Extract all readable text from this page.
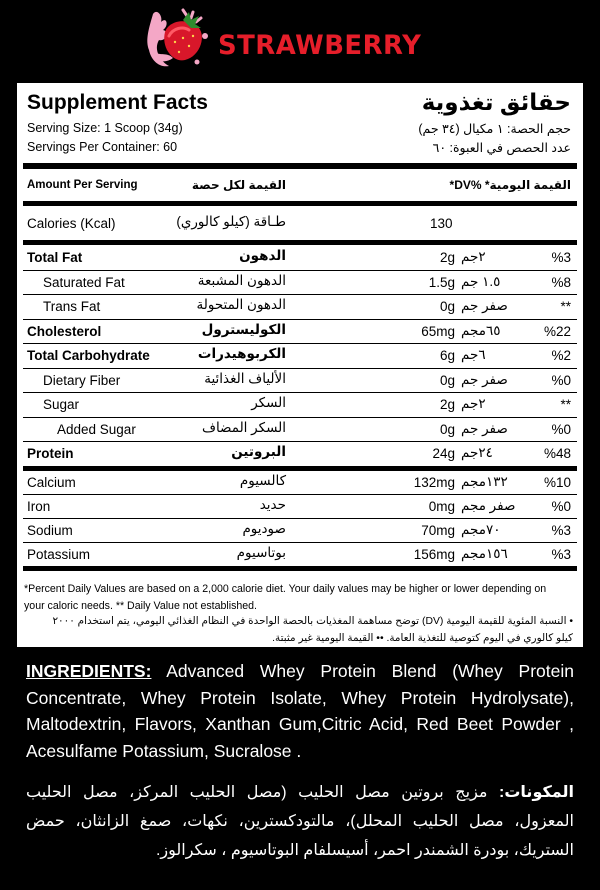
STRAWBERRY
Supplement Facts	حقائق تغذوية
Serving Size: 1 Scoop (34g)
Servings Per Container: 60
حجم الحصة: ١ مكيال (٣٤ جم)
عدد الحصص في العبوة: ٦٠
Amount Per Serving	القيمة لكل حصة	القيمة اليومية* %DV*
Calories (Kcal)	طـاقة (كيلو كالوري)	130
Total Fat	الدهون	2g ٢جم	%3
Saturated Fat	الدهون المشبعة	1.5g ١.٥ جم	%8
Trans Fat	الدهون المتحولة	0g صفر جم	**
Cholesterol	الكوليسترول	65mg ٦٥مجم	%22
Total Carbohydrate	الكربوهيدرات	6g ٦جم	%2
Dietary Fiber	الألياف الغذائية	0g صفر جم	%0
Sugar	السكر	2g ٢جم	**
Added Sugar	السكر المضاف	0g صفر جم	%0
Protein	البروتين	24g ٢٤جم	%48
Calcium	كالسيوم	132mg ١٣٢مجم	%10
Iron	حديد	0mg صفر مجم	%0
Sodium	صوديوم	70mg ٧٠مجم	%3
Potassium	بوتاسيوم	156mg ١٥٦مجم	%3
*Percent Daily Values are based on a 2,000 calorie diet. Your daily values may be higher or lower depending on
your caloric needs. ** Daily Value not established.
• النسبة المئوية للقيمة اليومية (DV) توضح مساهمة المغذيات بالحصة الواحدة في النظام الغذائي اليومي، يتم استخدام ٢٠٠٠
كيلو كالوري في اليوم كتوصية للتغذية العامة. •• القيمة اليومية غير مثبتة.
INGREDIENTS: Advanced Whey Protein Blend (Whey Protein Concentrate, Whey Protein Isolate, Whey Protein Hydrolysate), Maltodextrin, Flavors, Xanthan Gum,Citric Acid, Red Beet Powder , Acesulfame Potassium, Sucralose .
المكونات: مزيج بروتين مصل الحليب (مصل الحليب المركز، مصل الحليب المعزول، مصل الحليب المحلل)، مالتودكسترين، نكهات، صمغ الزانثان، حمض الستريك، بودرة الشمندر احمر، أسيسلفام البوتاسيوم ، سكرالوز.
